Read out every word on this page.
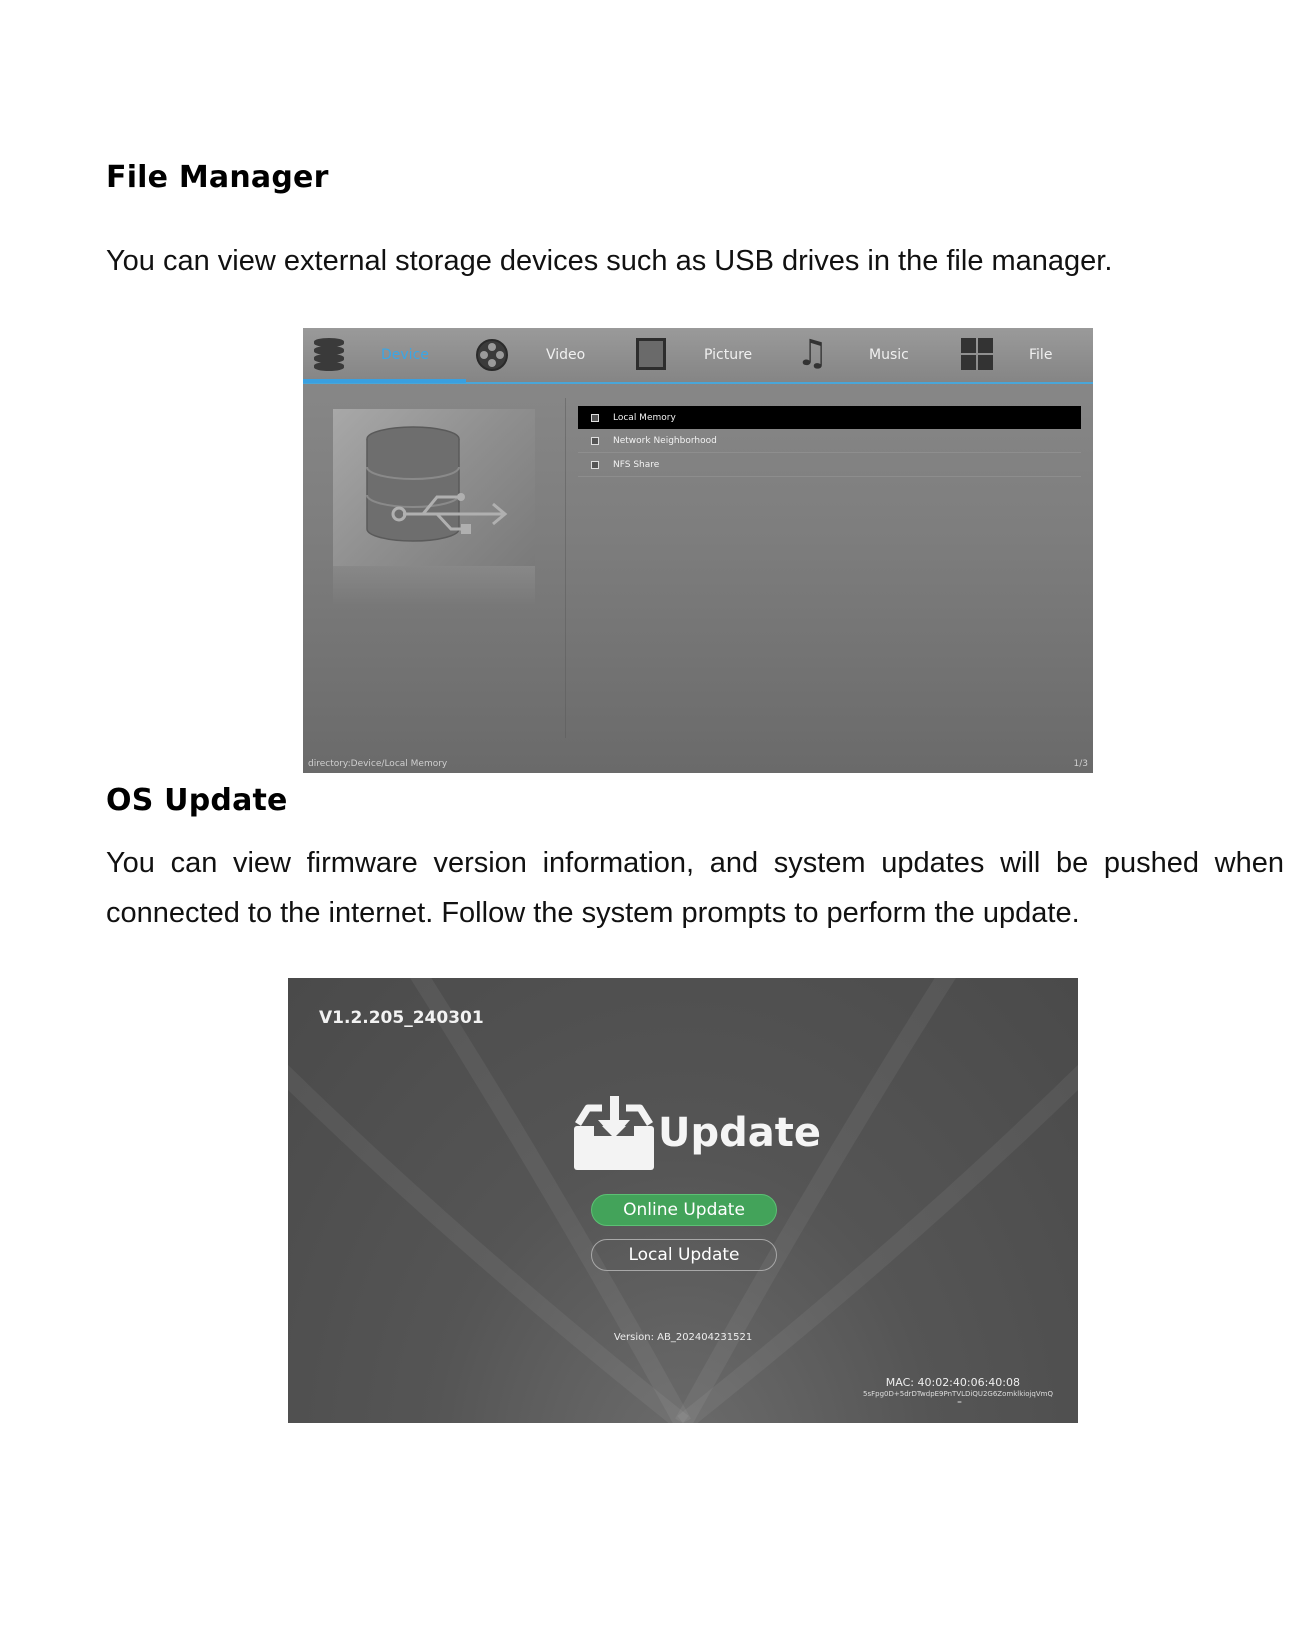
File Manager

You can view external storage devices such as USB drives in the file manager.

Device	Video	Picture ♫	Music	File
Local Memory
Network Neighborhood
NFS Share
directory:Device/Local Memory	1/3
OS Update

You can view firmware version information, and system updates will be pushed when connected to the internet. Follow the system prompts to perform the update.

V1.2.205_240301
Update
Online Update
Local Update
Version: AB_202404231521
MAC: 40:02:40:06:40:08
5sFpg0D+5drDTwdpE9PnTVLDiQU2G6ZomklkiojqVmQ
=
